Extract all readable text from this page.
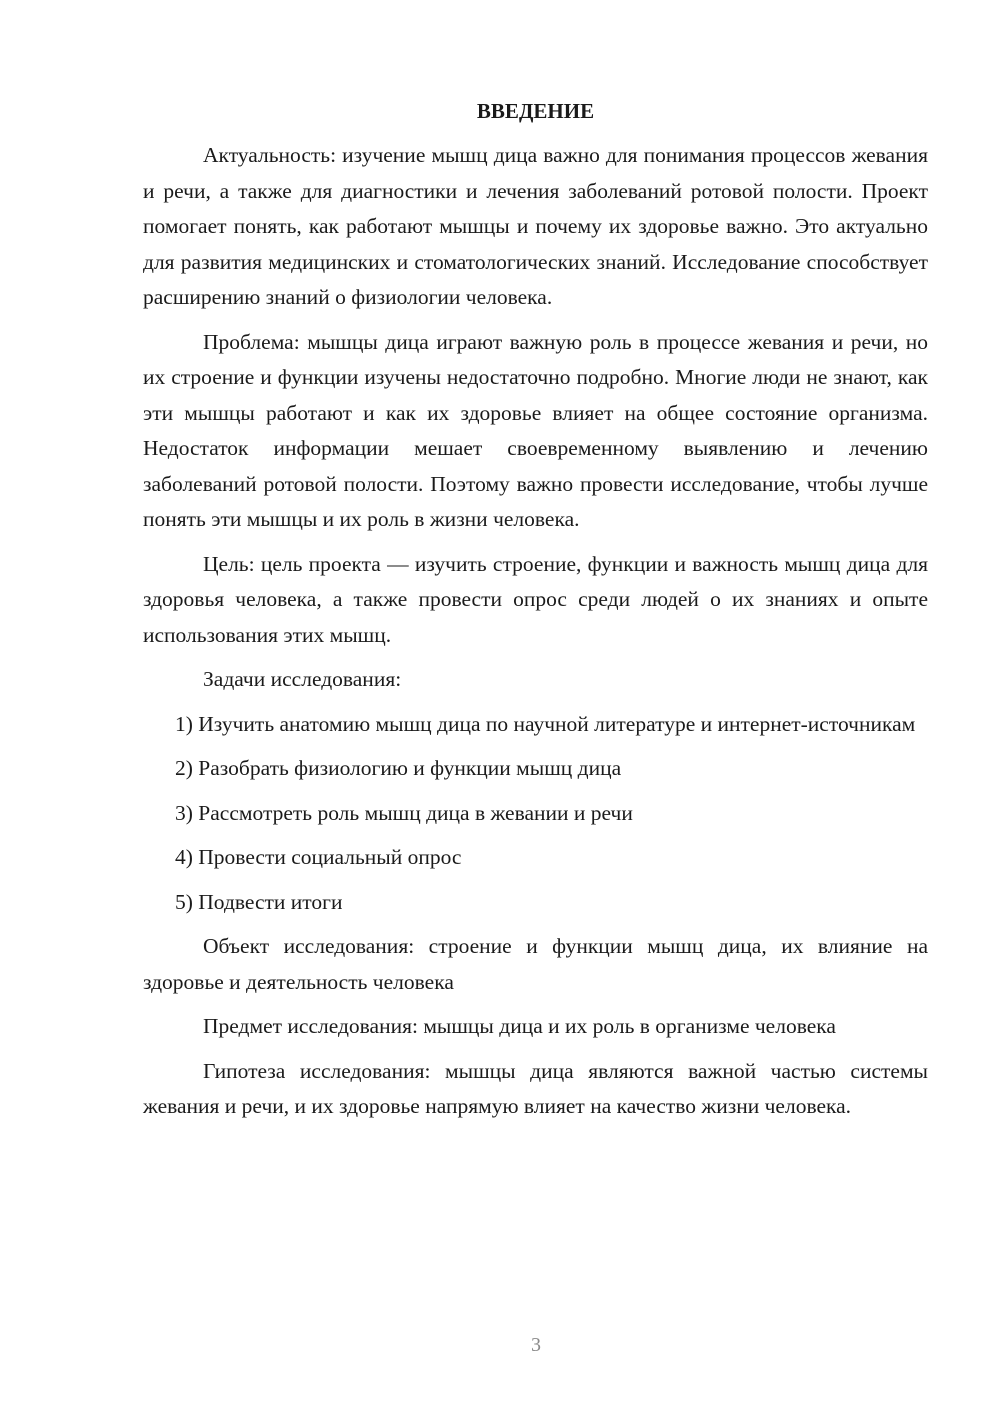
ВВЕДЕНИЕ

Актуальность: изучение мышц дица важно для понимания процессов жевания и речи, а также для диагностики и лечения заболеваний ротовой полости. Проект помогает понять, как работают мышцы и почему их здоровье важно. Это актуально для развития медицинских и стоматологических знаний. Исследование способствует расширению знаний о физиологии человека.

Проблема: мышцы дица играют важную роль в процессе жевания и речи, но их строение и функции изучены недостаточно подробно. Многие люди не знают, как эти мышцы работают и как их здоровье влияет на общее состояние организма. Недостаток информации мешает своевременному выявлению и лечению заболеваний ротовой полости. Поэтому важно провести исследование, чтобы лучше понять эти мышцы и их роль в жизни человека.

Цель: цель проекта — изучить строение, функции и важность мышц дица для здоровья человека, а также провести опрос среди людей о их знаниях и опыте использования этих мышц.

Задачи исследования:

1) Изучить анатомию мышц дица по научной литературе и интернет-источникам

2) Разобрать физиологию и функции мышц дица

3) Рассмотреть роль мышц дица в жевании и речи

4) Провести социальный опрос

5) Подвести итоги

Объект исследования: строение и функции мышц дица, их влияние на здоровье и деятельность человека

Предмет исследования: мышцы дица и их роль в организме человека

Гипотеза исследования: мышцы дица являются важной частью системы жевания и речи, и их здоровье напрямую влияет на качество жизни человека.

3
